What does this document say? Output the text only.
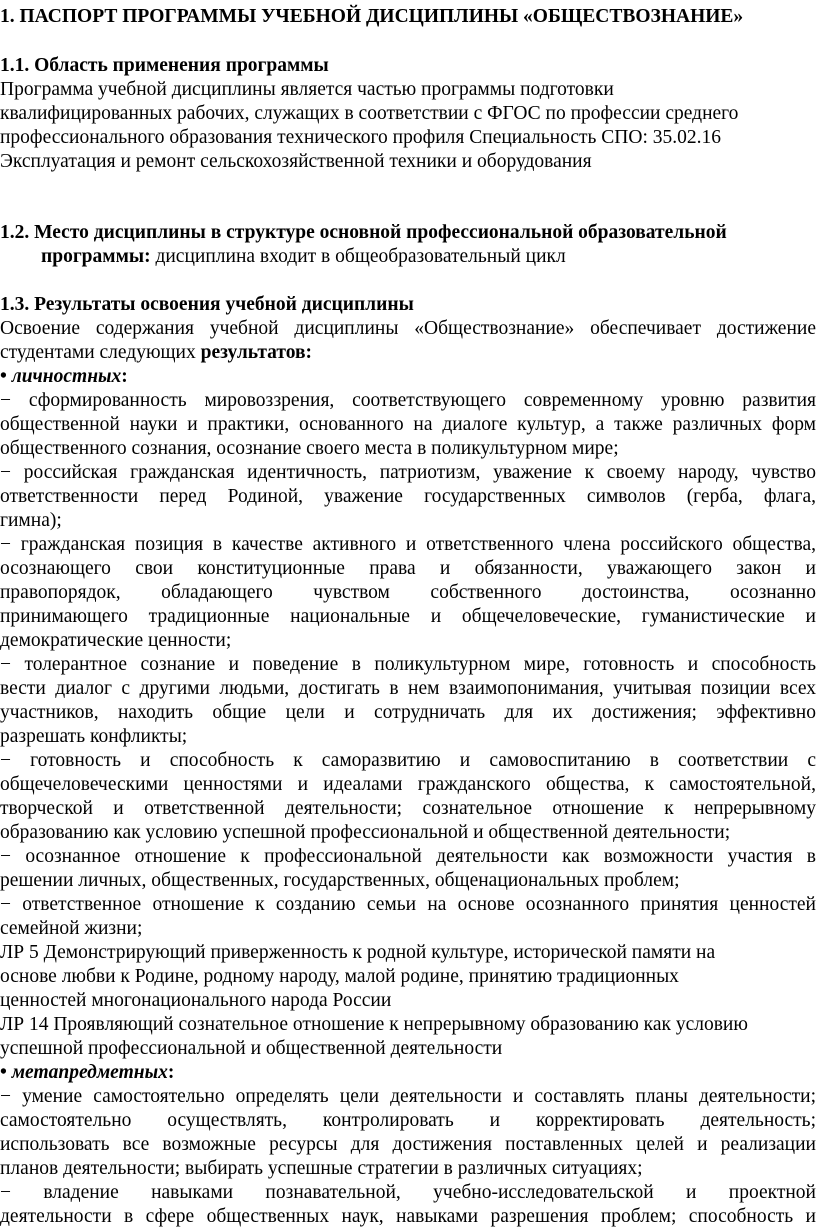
1. ПАСПОРТ ПРОГРАММЫ УЧЕБНОЙ ДИСЦИПЛИНЫ «ОБЩЕСТВОЗНАНИЕ»
1.1. Область применения программы
Программа учебной дисциплины является частью программы подготовки
квалифицированных рабочих, служащих в соответствии с ФГОС по профессии среднего
профессионального образования технического профиля Специальность СПО: 35.02.16
Эксплуатация и ремонт сельскохозяйственной техники и оборудования
1.2. Место дисциплины в структуре основной профессиональной образовательной
программы: дисциплина входит в общеобразовательный цикл
1.3. Результаты освоения учебной дисциплины
Освоение содержания учебной дисциплины «Обществознание» обеспечивает достижение
студентами следующих результатов:
• личностных:
− сформированность мировоззрения, соответствующего современному уровню развития
общественной науки и практики, основанного на диалоге культур, а также различных форм
общественного сознания, осознание своего места в поликультурном мире;
− российская гражданская идентичность, патриотизм, уважение к своему народу, чувство
ответственности перед Родиной, уважение государственных символов (герба, флага,
гимна);
− гражданская позиция в качестве активного и ответственного члена российского общества,
осознающего свои конституционные права и обязанности, уважающего закон и
правопорядок, обладающего чувством собственного достоинства, осознанно
принимающего традиционные национальные и общечеловеческие, гуманистические и
демократические ценности;
− толерантное сознание и поведение в поликультурном мире, готовность и способность
вести диалог с другими людьми, достигать в нем взаимопонимания, учитывая позиции всех
участников, находить общие цели и сотрудничать для их достижения; эффективно
разрешать конфликты;
− готовность и способность к саморазвитию и самовоспитанию в соответствии с
общечеловеческими ценностями и идеалами гражданского общества, к самостоятельной,
творческой и ответственной деятельности; сознательное отношение к непрерывному
образованию как условию успешной профессиональной и общественной деятельности;
− осознанное отношение к профессиональной деятельности как возможности участия в
решении личных, общественных, государственных, общенациональных проблем;
− ответственное отношение к созданию семьи на основе осознанного принятия ценностей
семейной жизни;
ЛР 5 Демонстрирующий приверженность к родной культуре, исторической памяти на
основе любви к Родине, родному народу, малой родине, принятию традиционных
ценностей многонационального народа России
ЛР 14 Проявляющий сознательное отношение к непрерывному образованию как условию
успешной профессиональной и общественной деятельности
• метапредметных:
− умение самостоятельно определять цели деятельности и составлять планы деятельности;
самостоятельно осуществлять, контролировать и корректировать деятельность;
использовать все возможные ресурсы для достижения поставленных целей и реализации
планов деятельности; выбирать успешные стратегии в различных ситуациях;
− владение навыками познавательной, учебно-исследовательской и проектной
деятельности в сфере общественных наук, навыками разрешения проблем; способность и
